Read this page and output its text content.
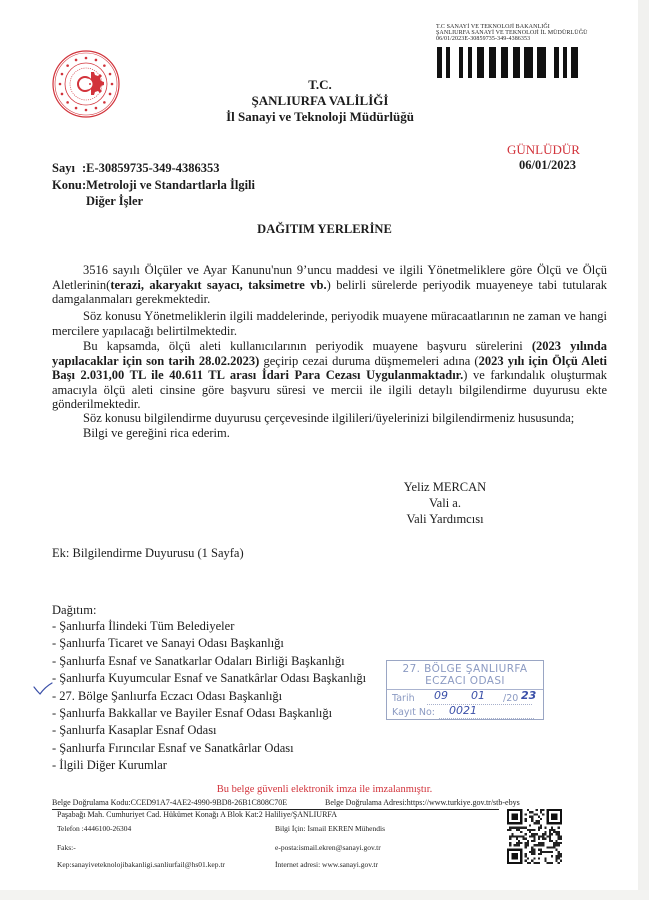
T.C SANAYİ VE TEKNOLOJİ BAKANLIĞI
ŞANLIURFA SANAYİ VE TEKNOLOJİ İL MÜDÜRLÜĞÜ
06/01/2023E-30859735-349-4386353
T.C.
ŞANLIURFA VALİLİĞİ
İl Sanayi ve Teknoloji Müdürlüğü
GÜNLÜDÜR
06/01/2023
Sayı :E-30859735-349-4386353
Konu:Metroloji ve Standartlarla İlgili
Diğer İşler
DAĞITIM YERLERİNE
3516 sayılı Ölçüler ve Ayar Kanunu'nun 9’uncu maddesi ve ilgili Yönetmeliklere göre Ölçü ve Ölçü Aletlerinin(terazi, akaryakıt sayacı, taksimetre vb.) belirli sürelerde periyodik muayeneye tabi tutularak damgalanmaları gerekmektedir.
Söz konusu Yönetmeliklerin ilgili maddelerinde, periyodik muayene müracaatlarının ne zaman ve hangi mercilere yapılacağı belirtilmektedir.
Bu kapsamda, ölçü aleti kullanıcılarının periyodik muayene başvuru sürelerini (2023 yılında yapılacaklar için son tarih 28.02.2023) geçirip cezai duruma düşmemeleri adına (2023 yılı için Ölçü Aleti Başı 2.031,00 TL ile 40.611 TL arası İdari Para Cezası Uygulanmaktadır.) ve farkındalık oluşturmak amacıyla ölçü aleti cinsine göre başvuru süresi ve mercii ile ilgili detaylı bilgilendirme duyurusu ekte gönderilmektedir.
Söz konusu bilgilendirme duyurusu çerçevesinde ilgilileri/üyelerinizi bilgilendirmeniz hususunda;
Bilgi ve gereğini rica ederim.
Yeliz MERCAN
Vali a.
Vali Yardımcısı
Ek: Bilgilendirme Duyurusu (1 Sayfa)
Dağıtım:
- Şanlıurfa İlindeki Tüm Belediyeler
- Şanlıurfa Ticaret ve Sanayi Odası Başkanlığı
- Şanlıurfa Esnaf ve Sanatkarlar Odaları Birliği Başkanlığı
- Şanlıurfa Kuyumcular Esnaf ve Sanatkârlar Odası Başkanlığı
- 27. Bölge Şanlıurfa Eczacı Odası Başkanlığı
- Şanlıurfa Bakkallar ve Bayiler Esnaf Odası Başkanlığı
- Şanlıurfa Kasaplar Esnaf Odası
- Şanlıurfa Fırıncılar Esnaf ve Sanatkârlar Odası
- İlgili Diğer Kurumlar
27. BÖLGE ŞANLIURFA
ECZACI ODASI
Tarih 09 01 /20 23
Kayıt No: 0021
Bu belge güvenli elektronik imza ile imzalanmıştır.
Belge Doğrulama Kodu:CCED91A7-4AE2-4990-9BD8-26B1C808C70E	Belge Doğrulama Adresi:https://www.turkiye.gov.tr/stb-ebys
Paşabağı Mah. Cumhuriyet Cad. Hükümet Konağı A Blok Kat:2 Haliliye/ŞANLIURFA
Telefon :4446100-26304
Faks:-
Kep:sanayiveteknolojibakanligi.sanliurfail@hs01.kep.tr
Bilgi İçin: İsmail EKREN Mühendis
e-posta:ismail.ekren@sanayi.gov.tr
İnternet adresi: www.sanayi.gov.tr
